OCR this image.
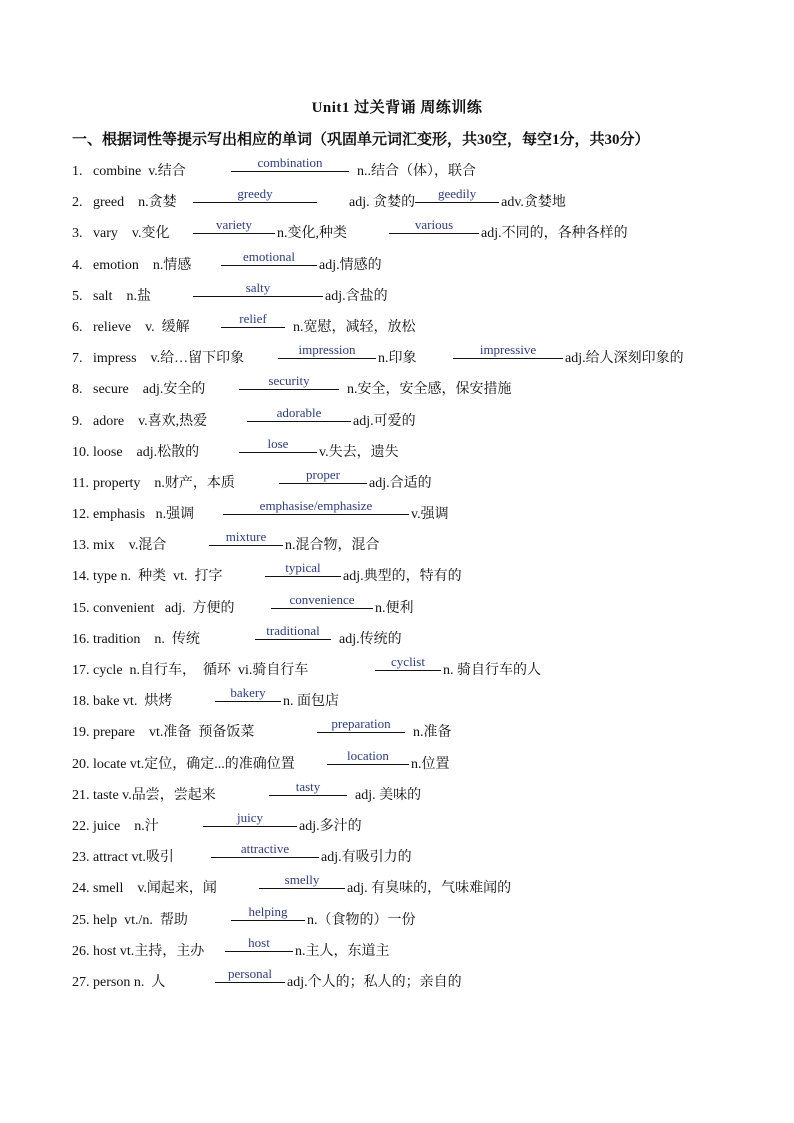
Unit1 过关背诵 周练训练
一、根据词性等提示写出相应的单词（巩固单元词汇变形，共30空，每空1分，共30分）
1. combine  v.结合combinationn..结合（体），联合
2. greed    n.贪婪greedyadj. 贪婪的geedilyadv.贪婪地
3. vary    v.变化varietyn.变化,种类variousadj.不同的，各种各样的
4. emotion    n.情感emotionaladj.情感的
5. salt    n.盐saltyadj.含盐的
6. relieve    v.  缓解reliefn.宽慰，减轻，放松
7. impress    v.给…留下印象impressionn.印象impressiveadj.给人深刻印象的
8. secure    adj.安全的securityn.安全，安全感，保安措施
9. adore    v.喜欢,热爱adorableadj.可爱的
10. loose    adj.松散的losev.失去，遗失
11. property    n.财产，本质properadj.合适的
12. emphasis   n.强调emphasise/emphasizev.强调
13. mix    v.混合mixturen.混合物，混合
14. type n.  种类  vt.  打字typicaladj.典型的，特有的
15. convenient   adj.  方便的conveniencen.便利
16. tradition    n.  传统traditionaladj.传统的
17. cycle  n.自行车，  循环  vi.骑自行车cyclistn. 骑自行车的人
18. bake vt.  烘烤bakeryn. 面包店
19. prepare    vt.准备  预备饭菜preparationn.准备
20. locate vt.定位，确定...的准确位置locationn.位置
21. taste v.品尝，尝起来tastyadj. 美味的
22. juice    n.汁juicyadj.多汁的
23. attract vt.吸引attractiveadj.有吸引力的
24. smell    v.闻起来，闻smellyadj. 有臭味的，气味难闻的
25. help  vt./n.  帮助helpingn.（食物的）一份
26. host vt.主持，主办hostn.主人，东道主
27. person n.  人personaladj.个人的；私人的；亲自的
